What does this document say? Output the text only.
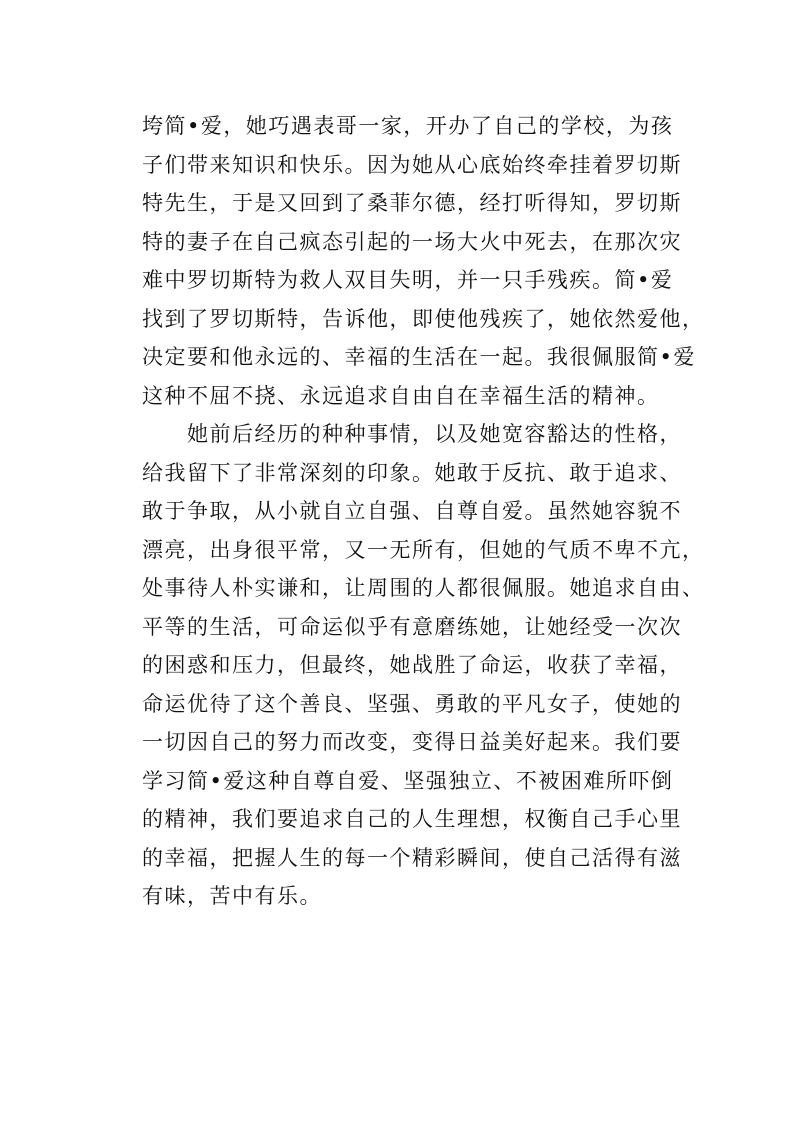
垮简•爱，她巧遇表哥一家，开办了自己的学校，为孩
子们带来知识和快乐。因为她从心底始终牵挂着罗切斯
特先生，于是又回到了桑菲尔德，经打听得知，罗切斯
特的妻子在自己疯态引起的一场大火中死去，在那次灾
难中罗切斯特为救人双目失明，并一只手残疾。简•爱
找到了罗切斯特，告诉他，即使他残疾了，她依然爱他，
决定要和他永远的、幸福的生活在一起。我很佩服简•爱
这种不屈不挠、永远追求自由自在幸福生活的精神。
　　她前后经历的种种事情，以及她宽容豁达的性格，
给我留下了非常深刻的印象。她敢于反抗、敢于追求、
敢于争取，从小就自立自强、自尊自爱。虽然她容貌不
漂亮，出身很平常，又一无所有，但她的气质不卑不亢，
处事待人朴实谦和，让周围的人都很佩服。她追求自由、
平等的生活，可命运似乎有意磨练她，让她经受一次次
的困惑和压力，但最终，她战胜了命运，收获了幸福，
命运优待了这个善良、坚强、勇敢的平凡女子，使她的
一切因自己的努力而改变，变得日益美好起来。我们要
学习简•爱这种自尊自爱、坚强独立、不被困难所吓倒
的精神，我们要追求自己的人生理想，权衡自己手心里
的幸福，把握人生的每一个精彩瞬间，使自己活得有滋
有味，苦中有乐。
